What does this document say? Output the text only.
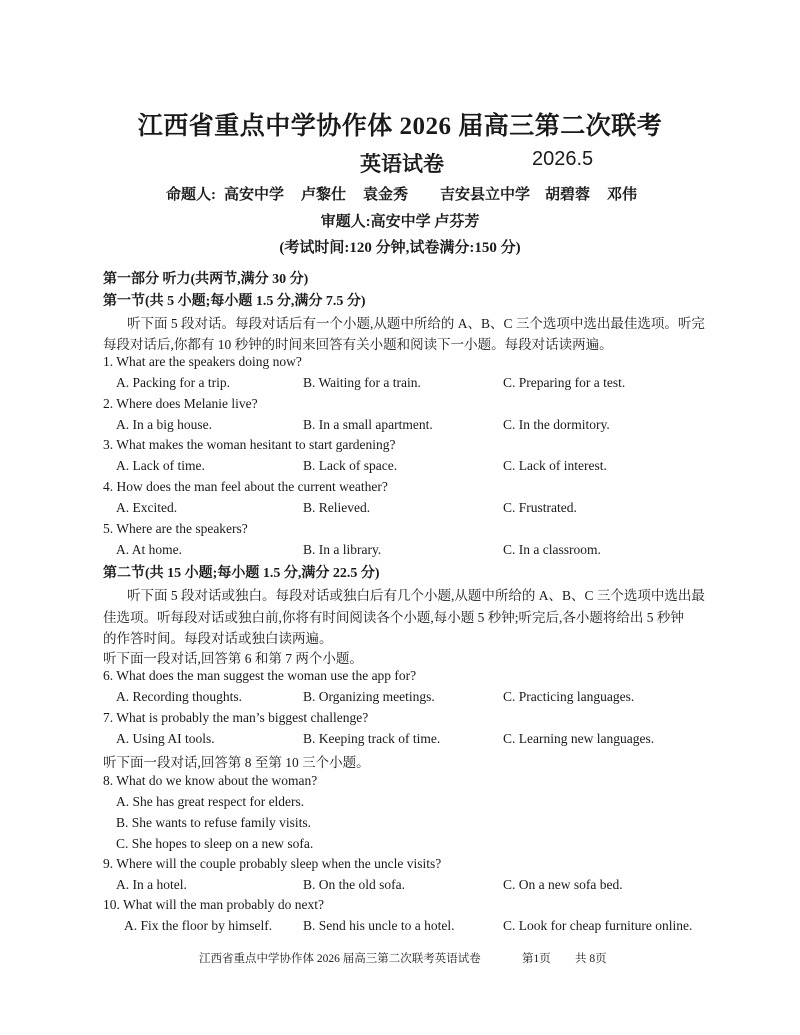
江西省重点中学协作体 2026 届高三第二次联考
英语试卷	2026.5
命题人: 高安中学 卢黎仕 袁金秀 吉安县立中学 胡碧蓉 邓伟
审题人:高安中学 卢芬芳
(考试时间:120 分钟,试卷满分:150 分)
第一部分 听力(共两节,满分 30 分)
第一节(共 5 小题;每小题 1.5 分,满分 7.5 分)
听下面 5 段对话。每段对话后有一个小题,从题中所给的 A、B、C 三个选项中选出最佳选项。听完
每段对话后,你都有 10 秒钟的时间来回答有关小题和阅读下一小题。每段对话读两遍。
1. What are the speakers doing now?
A. Packing for a trip.	B. Waiting for a train.	C. Preparing for a test.
2. Where does Melanie live?
A. In a big house.	B. In a small apartment.	C. In the dormitory.
3. What makes the woman hesitant to start gardening?
A. Lack of time.	B. Lack of space.	C. Lack of interest.
4. How does the man feel about the current weather?
A. Excited.	B. Relieved.	C. Frustrated.
5. Where are the speakers?
A. At home.	B. In a library.	C. In a classroom.
第二节(共 15 小题;每小题 1.5 分,满分 22.5 分)
听下面 5 段对话或独白。每段对话或独白后有几个小题,从题中所给的 A、B、C 三个选项中选出最
佳选项。听每段对话或独白前,你将有时间阅读各个小题,每小题 5 秒钟;听完后,各小题将给出 5 秒钟
的作答时间。每段对话或独白读两遍。
听下面一段对话,回答第 6 和第 7 两个小题。
6. What does the man suggest the woman use the app for?
A. Recording thoughts.	B. Organizing meetings.	C. Practicing languages.
7. What is probably the man’s biggest challenge?
A. Using AI tools.	B. Keeping track of time.	C. Learning new languages.
听下面一段对话,回答第 8 至第 10 三个小题。
8. What do we know about the woman?
A. She has great respect for elders.
B. She wants to refuse family visits.
C. She hopes to sleep on a new sofa.
9. Where will the couple probably sleep when the uncle visits?
A. In a hotel.	B. On the old sofa.	C. On a new sofa bed.
10. What will the man probably do next?
A. Fix the floor by himself. B. Send his uncle to a hotel.	C. Look for cheap furniture online.
江西省重点中学协作体 2026 届高三第二次联考英语试卷	第1页 共 8页
